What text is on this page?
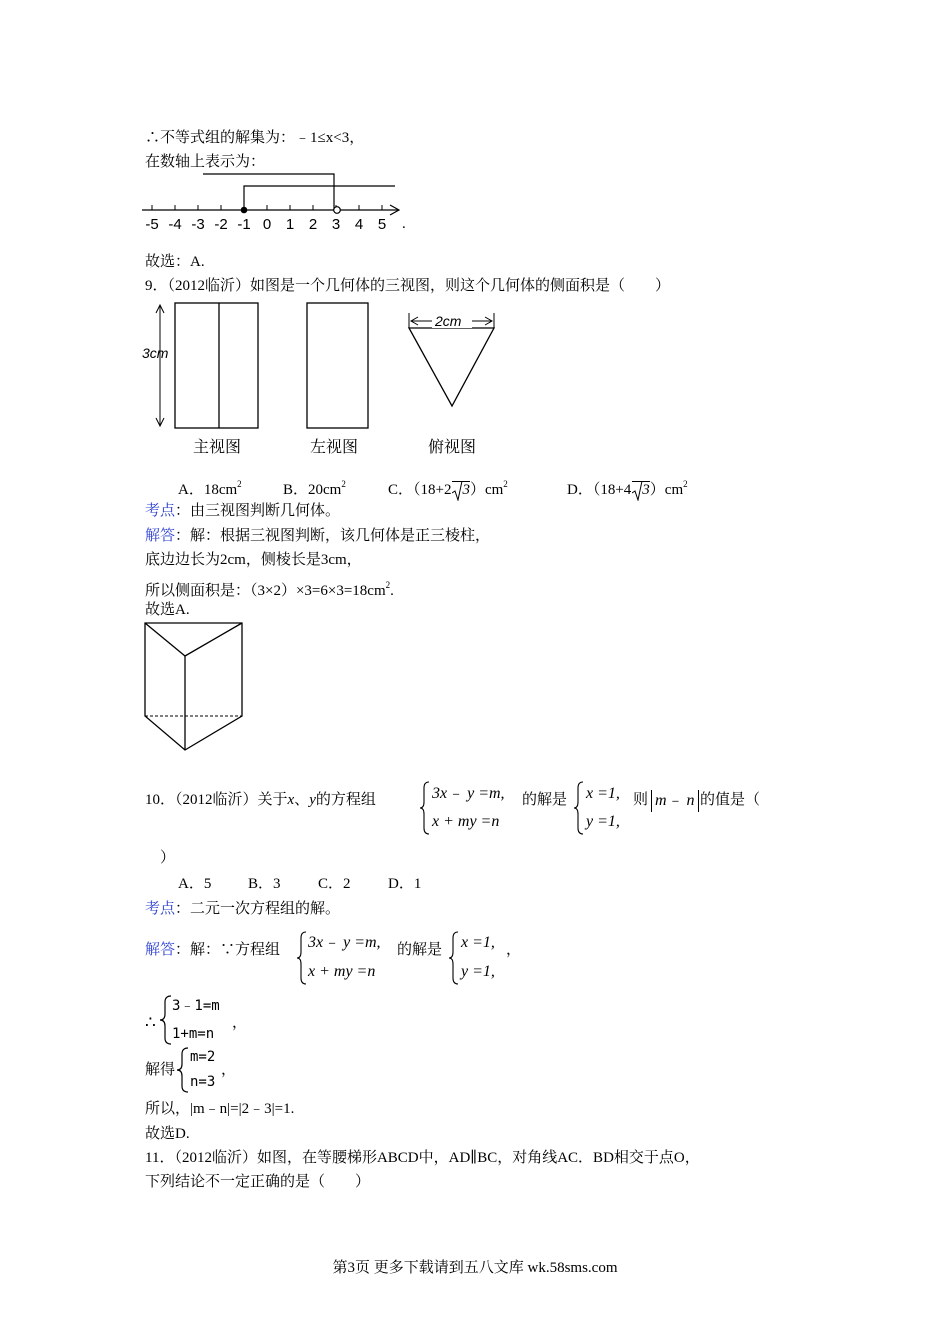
∴不等式组的解集为：﹣1≤x<3，
在数轴上表示为：
-5 -4 -3 -2 -1 0 1 2 3 4 5 .
故选：A.
9．（2012临沂）如图是一个几何体的三视图，则这个几何体的侧面积是（　　）
3cm
2cm
主视图	左视图	俯视图
A．$18cm^2$	B．$20cm^2$	C．（18+2 $3)cm^2$	D．（18+4 $3)cm^2$
考点：由三视图判断几何体。
解答：解：根据三视图判断，该几何体是正三棱柱，
底边边长为2cm，侧棱长是3cm，
所以侧面积是：$(3\times 2)\times 3=6\times 3=18cm^2$.
故选A.
10．（2012临沂）关于x、y的方程组	3x﹣ y =m,
x + my =n
的解是 x =1,
y =1,
则 m﹣ n 的值是（
）
A．5 B．3 C．2 D．1
考点：二元一次方程组的解。
解答：解：∵方程组 3x﹣ y =m,
x + my =n
的解是 x =1,
y =1,
，
∴
3﹣1=m
1+m=n
，
解得
m=2
n=3
，
所以，|m﹣n|=|2﹣3|=1.
故选D.
11．（2012临沂）如图，在等腰梯形ABCD中，AD∥BC，对角线AC．BD相交于点O，
下列结论不一定正确的是（　　）
第3页 更多下载请到五八文库 wk.58sms.com
